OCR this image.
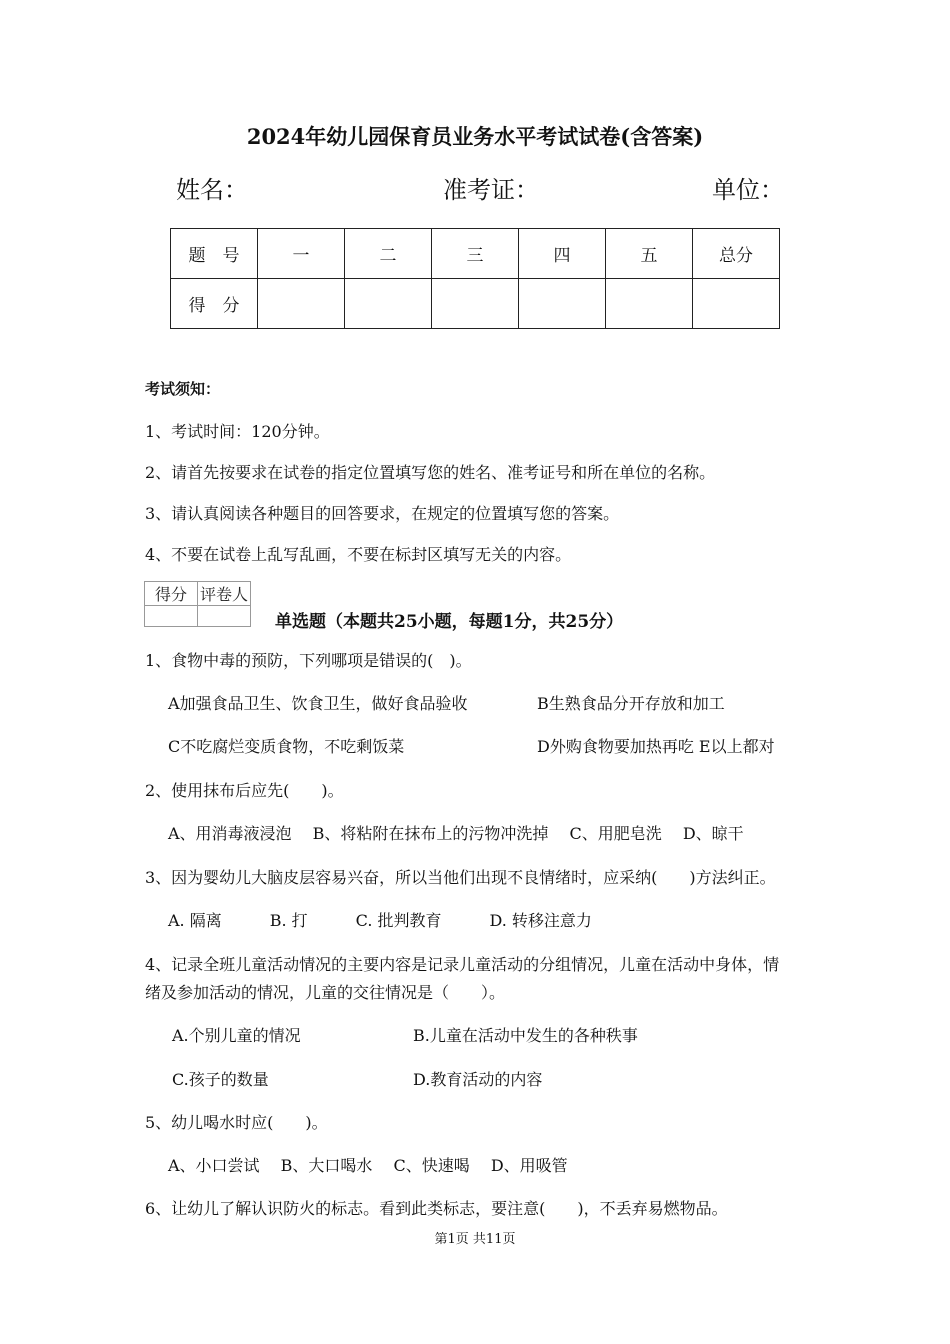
2024年幼儿园保育员业务水平考试试卷(含答案)
姓名：	准考证：	单位：
题　号	一	二	三	四	五	总分
得　分						
考试须知：
1、考试时间：120分钟。
2、请首先按要求在试卷的指定位置填写您的姓名、准考证号和所在单位的名称。
3、请认真阅读各种题目的回答要求，在规定的位置填写您的答案。
4、不要在试卷上乱写乱画，不要在标封区填写无关的内容。
得分	评卷人

单选题（本题共25小题，每题1分，共25分）
1、食物中毒的预防，下列哪项是错误的(　)。
A加强食品卫生、饮食卫生，做好食品验收	B生熟食品分开存放和加工
C不吃腐烂变质食物，不吃剩饭菜	D外购食物要加热再吃 E以上都对
2、使用抹布后应先(　　)。
A、用消毒液浸泡　 B、将粘附在抹布上的污物冲洗掉　 C、用肥皂洗　 D、晾干
3、因为婴幼儿大脑皮层容易兴奋，所以当他们出现不良情绪时，应采纳(　　)方法纠正。
A. 隔离　　　B. 打　　　C. 批判教育　　　D. 转移注意力
4、记录全班儿童活动情况的主要内容是记录儿童活动的分组情况，儿童在活动中身体，情
绪及参加活动的情况，儿童的交往情况是（　　）。
A.个别儿童的情况	B.儿童在活动中发生的各种秩事
C.孩子的数量	D.教育活动的内容
5、幼儿喝水时应(　　)。
A、小口尝试　 B、大口喝水　 C、快速喝　 D、用吸管
6、让幼儿了解认识防火的标志。看到此类标志，要注意(　　)，不丢弃易燃物品。
第1页 共11页
